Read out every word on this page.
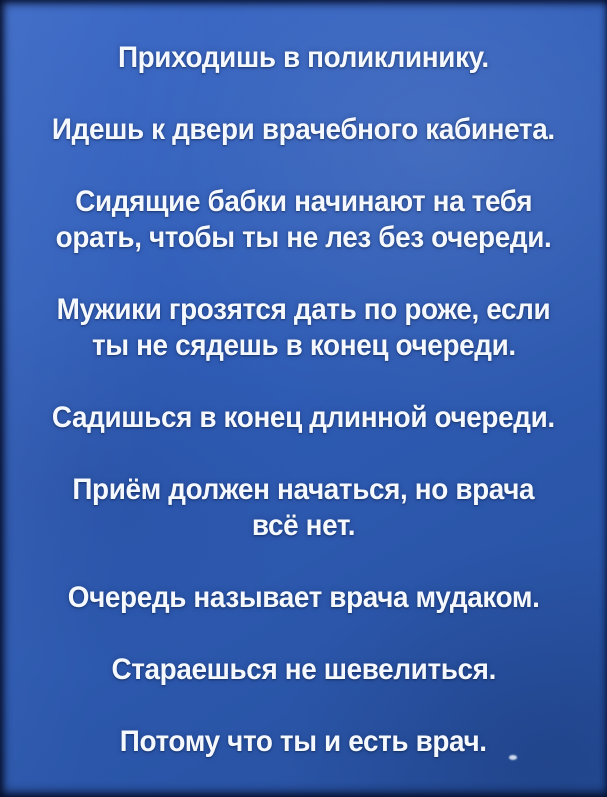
Приходишь в поликлинику.

Идешь к двери врачебного кабинета.

Сидящие бабки начинают на тебя
орать, чтобы ты не лез без очереди.

Мужики грозятся дать по роже, если
ты не сядешь в конец очереди.

Садишься в конец длинной очереди.

Приём должен начаться, но врача
всё нет.

Очередь называет врача мудаком.

Стараешься не шевелиться.

Потому что ты и есть врач.
